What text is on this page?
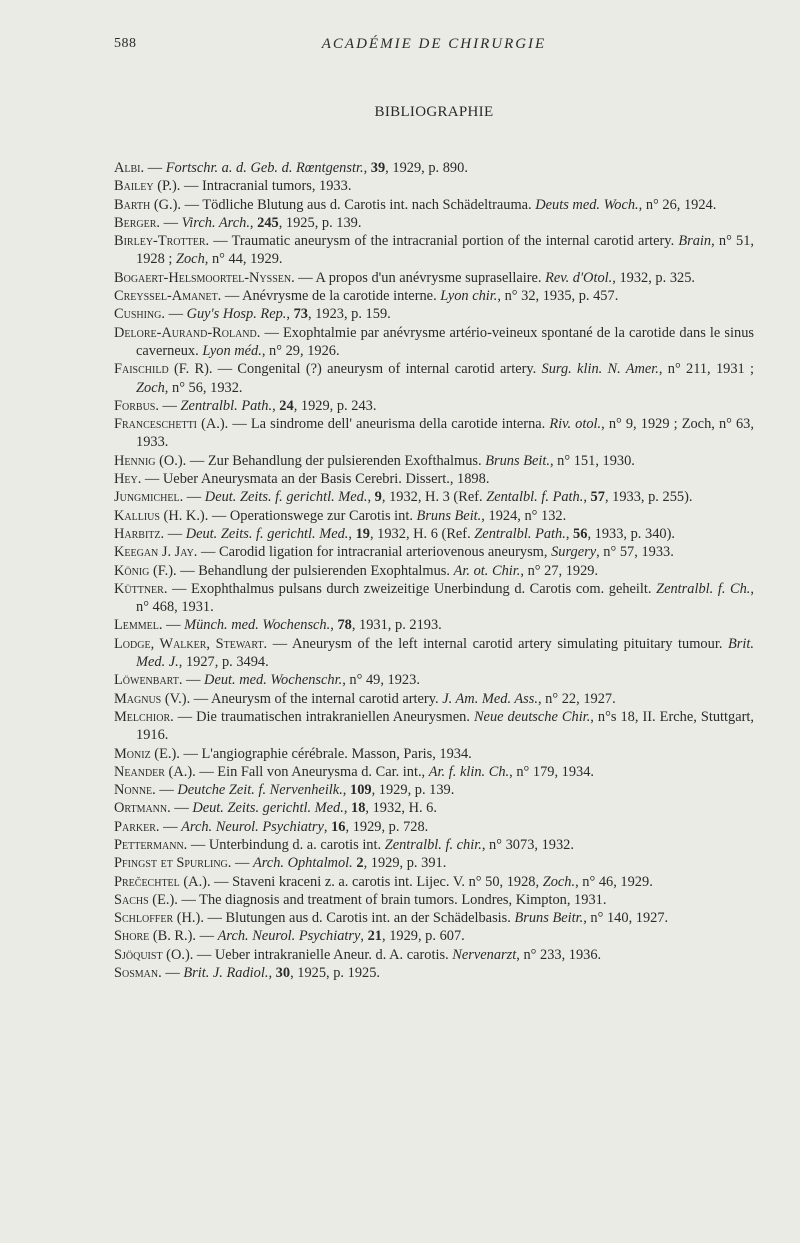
588	ACADÉMIE DE CHIRURGIE
BIBLIOGRAPHIE
Albi. — Fortschr. a. d. Geb. d. Rœntgenstr., 39, 1929, p. 890.
Bailey (P.). — Intracranial tumors, 1933.
Barth (G.). — Tödliche Blutung aus d. Carotis int. nach Schädeltrauma. Deuts med. Woch., n° 26, 1924.
Berger. — Virch. Arch., 245, 1925, p. 139.
Birley-Trotter. — Traumatic aneurysm of the intracranial portion of the internal carotid artery. Brain, n° 51, 1928 ; Zoch, n° 44, 1929.
Bogaert-Helsmoortel-Nyssen. — A propos d'un anévrysme suprasellaire. Rev. d'Otol., 1932, p. 325.
Creyssel-Amanet. — Anévrysme de la carotide interne. Lyon chir., n° 32, 1935, p. 457.
Cushing. — Guy's Hosp. Rep., 73, 1923, p. 159.
Delore-Aurand-Roland. — Exophtalmie par anévrysme artério-veineux spontané de la carotide dans le sinus caverneux. Lyon méd., n° 29, 1926.
Faischild (F. R). — Congenital (?) aneurysm of internal carotid artery. Surg. klin. N. Amer., n° 211, 1931 ; Zoch, n° 56, 1932.
Forbus. — Zentralbl. Path., 24, 1929, p. 243.
Franceschetti (A.). — La sindrome dell' aneurisma della carotide interna. Riv. otol., n° 9, 1929 ; Zoch, n° 63, 1933.
Hennig (O.). — Zur Behandlung der pulsierenden Exofthalmus. Bruns Beit., n° 151, 1930.
Hey. — Ueber Aneurysmata an der Basis Cerebri. Dissert., 1898.
Jungmichel. — Deut. Zeits. f. gerichtl. Med., 9, 1932, H. 3 (Ref. Zentalbl. f. Path., 57, 1933, p. 255).
Kallius (H. K.). — Operationswege zur Carotis int. Bruns Beit., 1924, n° 132.
Harbitz. — Deut. Zeits. f. gerichtl. Med., 19, 1932, H. 6 (Ref. Zentralbl. Path., 56, 1933, p. 340).
Keegan J. Jay. — Carodid ligation for intracranial arteriovenous aneurysm, Surgery, n° 57, 1933.
König (F.). — Behandlung der pulsierenden Exophtalmus. Ar. ot. Chir., n° 27, 1929.
Küttner. — Exophthalmus pulsans durch zweizeitige Unerbindung d. Carotis com. geheilt. Zentralbl. f. Ch., n° 468, 1931.
Lemmel. — Münch. med. Wochensch., 78, 1931, p. 2193.
Lodge, Walker, Stewart. — Aneurysm of the left internal carotid artery simulating pituitary tumour. Brit. Med. J., 1927, p. 3494.
Löwenbart. — Deut. med. Wochenschr., n° 49, 1923.
Magnus (V.). — Aneurysm of the internal carotid artery. J. Am. Med. Ass., n° 22, 1927.
Melchior. — Die traumatischen intrakraniellen Aneurysmen. Neue deutsche Chir., n°s 18, II. Erche, Stuttgart, 1916.
Moniz (E.). — L'angiographie cérébrale. Masson, Paris, 1934.
Neander (A.). — Ein Fall von Aneurysma d. Car. int., Ar. f. klin. Ch., n° 179, 1934.
Nonne. — Deutche Zeit. f. Nervenheilk., 109, 1929, p. 139.
Ortmann. — Deut. Zeits. gerichtl. Med., 18, 1932, H. 6.
Parker. — Arch. Neurol. Psychiatry, 16, 1929, p. 728.
Pettermann. — Unterbindung d. a. carotis int. Zentralbl. f. chir., n° 3073, 1932.
Pfingst et Spurling. — Arch. Ophtalmol. 2, 1929, p. 391.
Prečechtel (A.). — Staveni kraceni z. a. carotis int. Lijec. V. n° 50, 1928, Zoch., n° 46, 1929.
Sachs (E.). — The diagnosis and treatment of brain tumors. Londres, Kimpton, 1931.
Schloffer (H.). — Blutungen aus d. Carotis int. an der Schädelbasis. Bruns Beitr., n° 140, 1927.
Shore (B. R.). — Arch. Neurol. Psychiatry, 21, 1929, p. 607.
Sjöquist (O.). — Ueber intrakranielle Aneur. d. A. carotis. Nervenarzt, n° 233, 1936.
Sosman. — Brit. J. Radiol., 30, 1925, p. 1925.
